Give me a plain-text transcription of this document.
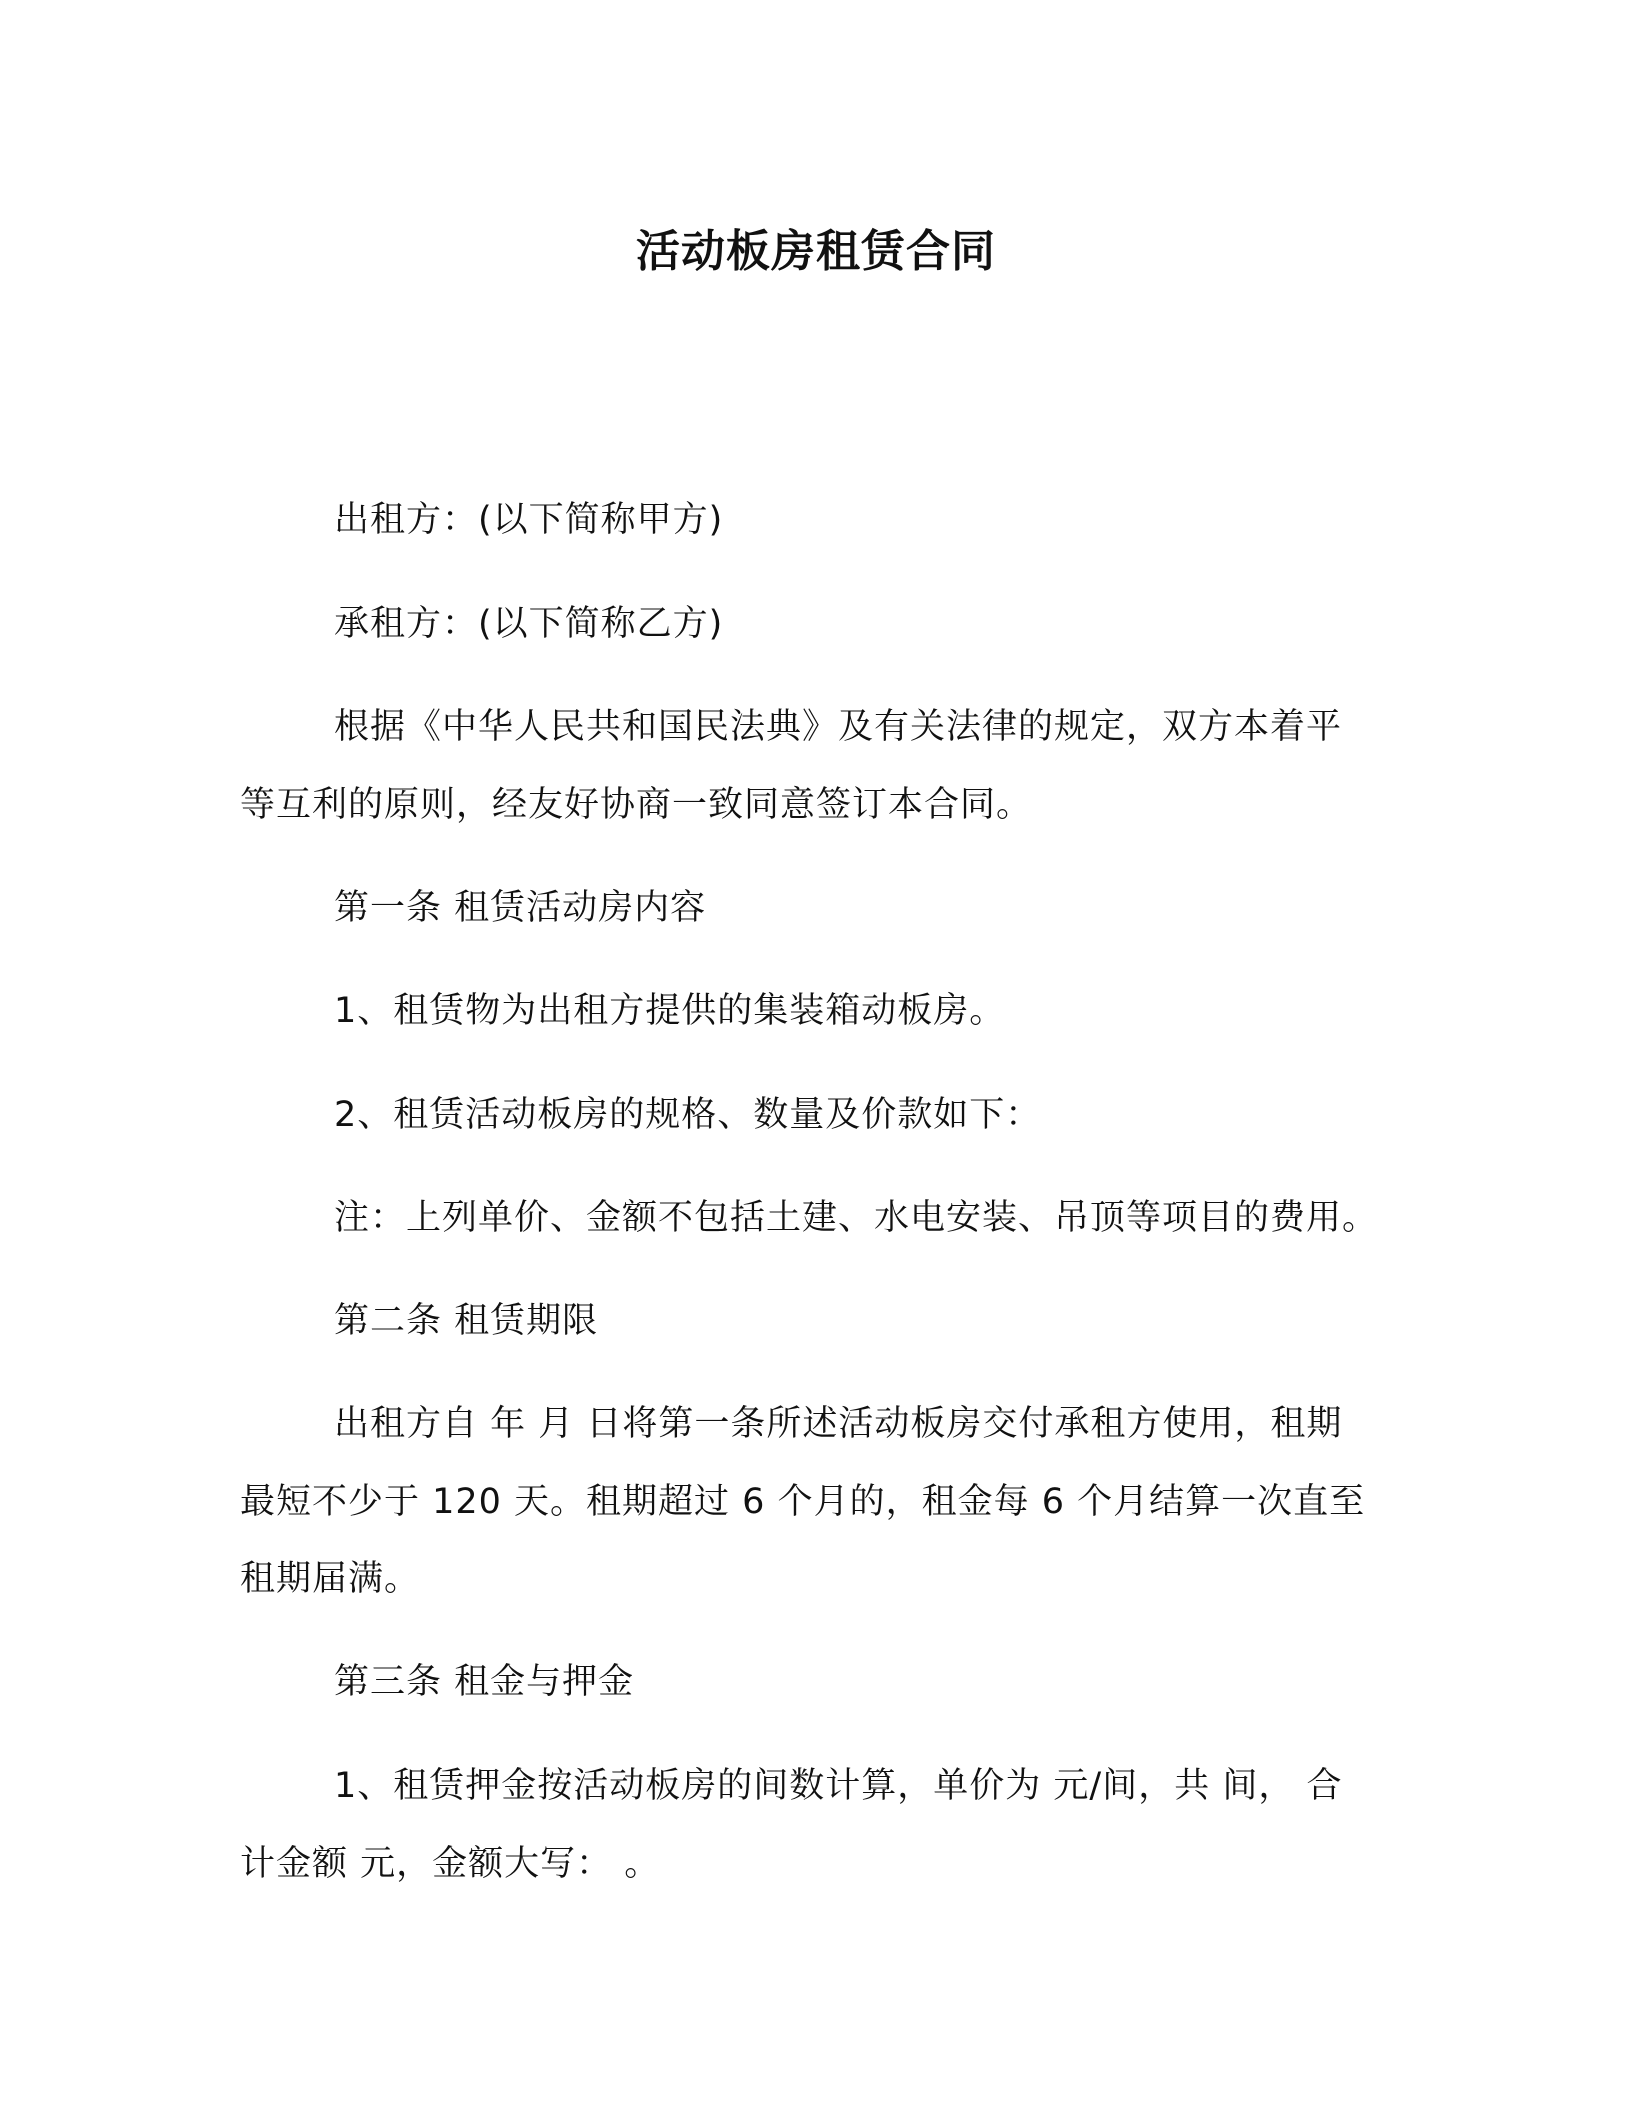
活动板房租赁合同
出租方：(以下简称甲方)
承租方：(以下简称乙方)
根据《中华人民共和国民法典》及有关法律的规定，双方本着平
等互利的原则，经友好协商一致同意签订本合同。
第一条 租赁活动房内容
1、租赁物为出租方提供的集装箱动板房。
2、租赁活动板房的规格、数量及价款如下：
注：上列单价、金额不包括土建、水电安装、吊顶等项目的费用。
第二条 租赁期限
出租方自 年 月 日将第一条所述活动板房交付承租方使用，租期
最短不少于 120 天。租期超过 6 个月的，租金每 6 个月结算一次直至
租期届满。
第三条 租金与押金
1、租赁押金按活动板房的间数计算，单价为 元/间，共 间， 合
计金额 元，金额大写： 。
